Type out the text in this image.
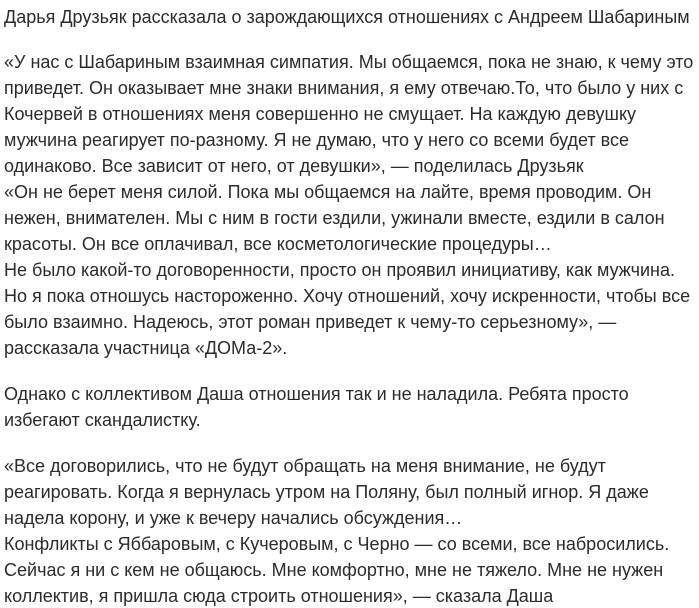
Дарья Друзьяк рассказала о зарождающихся отношениях с Андреем Шабариным

«У нас с Шабариным взаимная симпатия. Мы общаемся, пока не знаю, к чему это

приведет. Он оказывает мне знаки внимания, я ему отвечаю.То, что было у них с

Кочервей в отношениях меня совершенно не смущает. На каждую девушку

мужчина реагирует по-разному. Я не думаю, что у него со всеми будет все

одинаково. Все зависит от него, от девушки», — поделилась Друзьяк

«Он не берет меня силой. Пока мы общаемся на лайте, время проводим. Он

нежен, внимателен. Мы с ним в гости ездили, ужинали вместе, ездили в салон

красоты. Он все оплачивал, все косметологические процедуры…

Не было какой-то договоренности, просто он проявил инициативу, как мужчина.

Но я пока отношусь настороженно. Хочу отношений, хочу искренности, чтобы все

было взаимно. Надеюсь, этот роман приведет к чему-то серьезному», —

рассказала участница «ДОМа-2».

Однако с коллективом Даша отношения так и не наладила. Ребята просто

избегают скандалистку.

«Все договорились, что не будут обращать на меня внимание, не будут

реагировать. Когда я вернулась утром на Поляну, был полный игнор. Я даже

надела корону, и уже к вечеру начались обсуждения…

Конфликты с Яббаровым, с Кучеровым, с Черно — со всеми, все набросились.

Сейчас я ни с кем не общаюсь. Мне комфортно, мне не тяжело. Мне не нужен

коллектив, я пришла сюда строить отношения», — сказала Даша
